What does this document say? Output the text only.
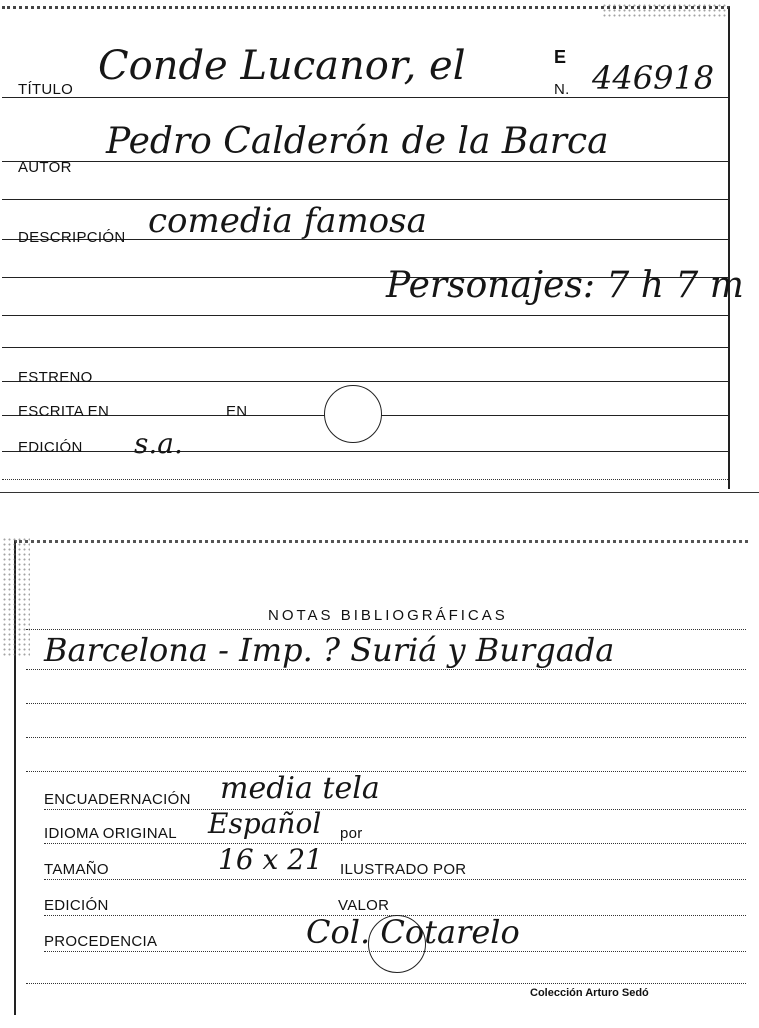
TÍTULO
Conde Lucanor, el	E
N. 446918
AUTOR
Pedro Calderón de la Barca
DESCRIPCIÓN comedia famosa
Personajes: 7 h 7 m
ESTRENO
ESCRITA EN	EN
EDICIÓN s.a.
NOTAS BIBLIOGRÁFICAS
Barcelona - Imp. ? Suriá y Burgada
ENCUADERNACIÓN media tela
IDIOMA ORIGINAL Español por
TAMAÑO	16 x 21 ILUSTRADO POR
EDICIÓN	VALOR
PROCEDENCIA	Col. Cotarelo
Colección Arturo Sedó
